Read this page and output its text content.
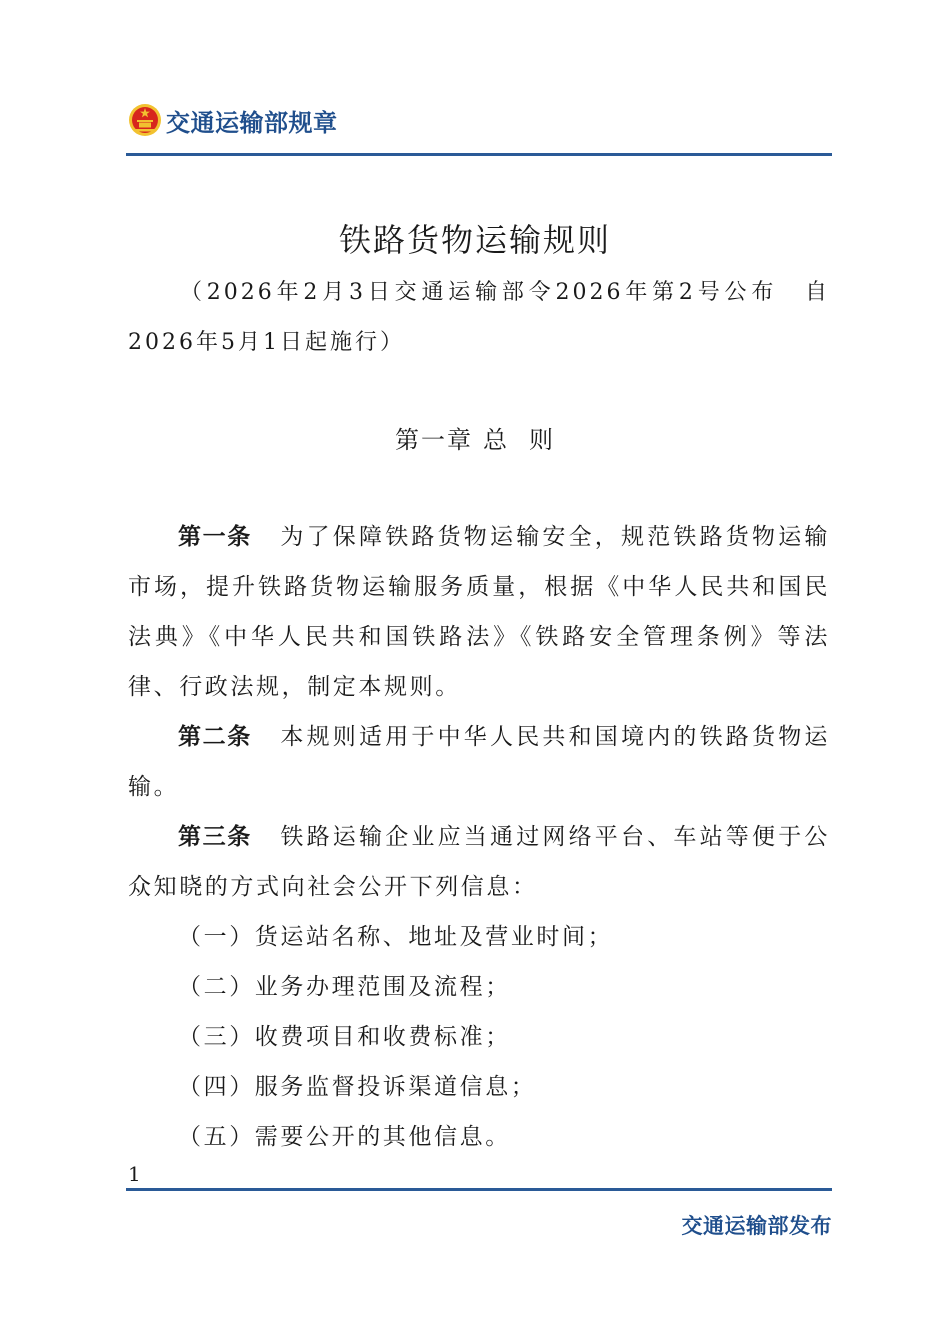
交通运输部规章
铁路货物运输规则
（2026年2月3日交通运输部令2026年第2号公布　自2026年5月1日起施行）
第一章 总 则

第一条 为了保障铁路货物运输安全，规范铁路货物运输市场，提升铁路货物运输服务质量，根据《中华人民共和国民法典》《中华人民共和国铁路法》《铁路安全管理条例》等法律、行政法规，制定本规则。

第二条 本规则适用于中华人民共和国境内的铁路货物运输。

第三条 铁路运输企业应当通过网络平台、车站等便于公众知晓的方式向社会公开下列信息：

（一）货运站名称、地址及营业时间；

（二）业务办理范围及流程；

（三）收费项目和收费标准；

（四）服务监督投诉渠道信息；

（五）需要公开的其他信息。

1
交通运输部发布
